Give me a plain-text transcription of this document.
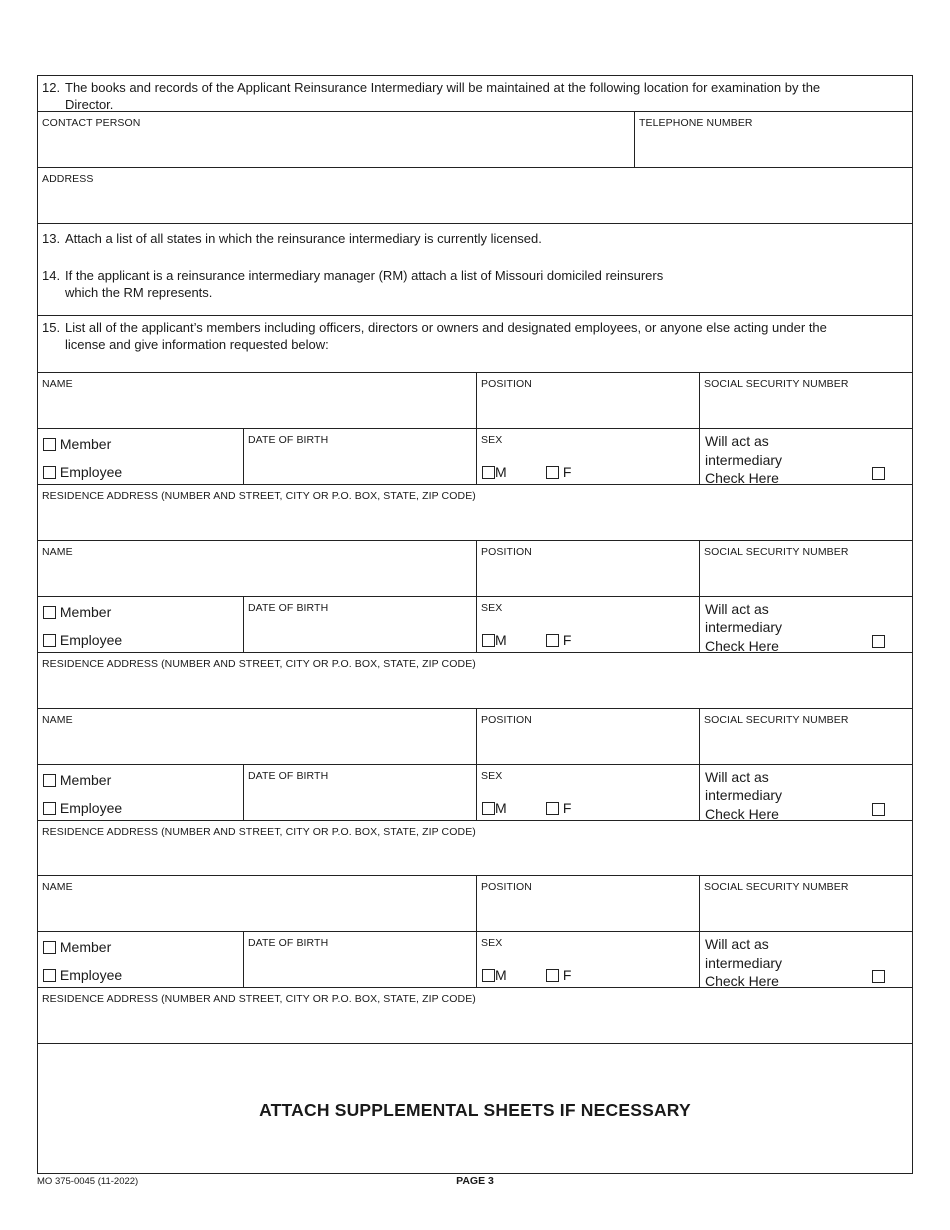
12. The books and records of the Applicant Reinsurance Intermediary will be maintained at the following location for examination by the
Director.
CONTACT PERSON	TELEPHONE NUMBER
ADDRESS
13. Attach a list of all states in which the reinsurance intermediary is currently licensed.
14. If the applicant is a reinsurance intermediary manager (RM) attach a list of Missouri domiciled reinsurers
which the RM represents.
15. List all of the applicant’s members including officers, directors or owners and designated employees, or anyone else acting under the
license and give information requested below:
NAME	POSITION	SOCIAL SECURITY NUMBER
Member
Employee
DATE OF BIRTH	SEX
M	F
Will act as
intermediary
Check Here
RESIDENCE ADDRESS (NUMBER AND STREET, CITY OR P.O. BOX, STATE, ZIP CODE)
NAME	POSITION	SOCIAL SECURITY NUMBER
Member
Employee
DATE OF BIRTH	SEX
M	F
Will act as
intermediary
Check Here
RESIDENCE ADDRESS (NUMBER AND STREET, CITY OR P.O. BOX, STATE, ZIP CODE)
NAME	POSITION	SOCIAL SECURITY NUMBER
Member
Employee
DATE OF BIRTH	SEX
M	F
Will act as
intermediary
Check Here
RESIDENCE ADDRESS (NUMBER AND STREET, CITY OR P.O. BOX, STATE, ZIP CODE)
NAME	POSITION	SOCIAL SECURITY NUMBER
Member
Employee
DATE OF BIRTH	SEX
M	F
Will act as
intermediary
Check Here
RESIDENCE ADDRESS (NUMBER AND STREET, CITY OR P.O. BOX, STATE, ZIP CODE)
ATTACH SUPPLEMENTAL SHEETS IF NECESSARY
MO 375-0045 (11-2022)	PAGE 3
